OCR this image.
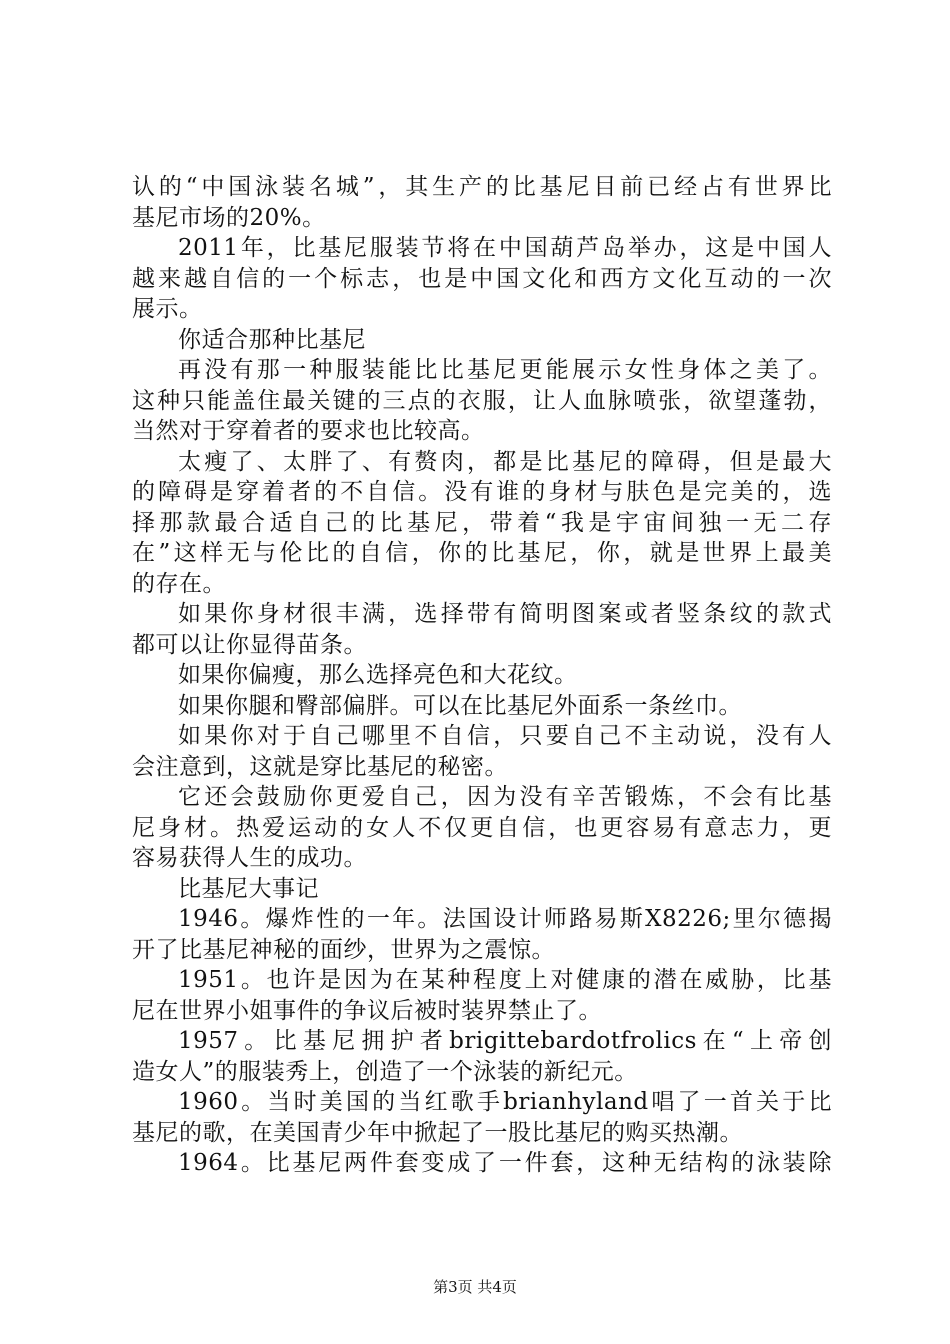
认的“中国泳装名城”，其生产的比基尼目前已经占有世界比
基尼市场的20%。
2011年，比基尼服装节将在中国葫芦岛举办，这是中国人
越来越自信的一个标志，也是中国文化和西方文化互动的一次
展示。
你适合那种比基尼
再没有那一种服装能比比基尼更能展示女性身体之美了。
这种只能盖住最关键的三点的衣服，让人血脉喷张，欲望蓬勃，
当然对于穿着者的要求也比较高。
太瘦了、太胖了、有赘肉，都是比基尼的障碍，但是最大
的障碍是穿着者的不自信。没有谁的身材与肤色是完美的，选
择那款最合适自己的比基尼，带着“我是宇宙间独一无二存
在”这样无与伦比的自信，你的比基尼，你，就是世界上最美
的存在。
如果你身材很丰满，选择带有简明图案或者竖条纹的款式
都可以让你显得苗条。
如果你偏瘦，那么选择亮色和大花纹。
如果你腿和臀部偏胖。可以在比基尼外面系一条丝巾。
如果你对于自己哪里不自信，只要自己不主动说，没有人
会注意到，这就是穿比基尼的秘密。
它还会鼓励你更爱自己，因为没有辛苦锻炼，不会有比基
尼身材。热爱运动的女人不仅更自信，也更容易有意志力，更
容易获得人生的成功。
比基尼大事记
1946。爆炸性的一年。法国设计师路易斯X8226;里尔德揭
开了比基尼神秘的面纱，世界为之震惊。
1951。也许是因为在某种程度上对健康的潜在威胁，比基
尼在世界小姐事件的争议后被时装界禁止了。
1957。比基尼拥护者brigittebardotfrolics在“上帝创
造女人”的服装秀上，创造了一个泳装的新纪元。
1960。当时美国的当红歌手brianhyland唱了一首关于比
基尼的歌，在美国青少年中掀起了一股比基尼的购买热潮。
1964。比基尼两件套变成了一件套，这种无结构的泳装除
第3页 共4页
